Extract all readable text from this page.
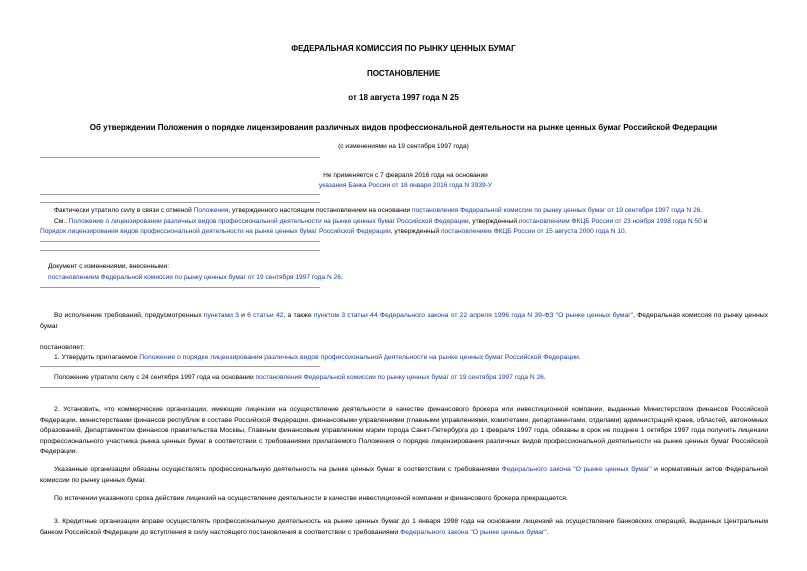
ФЕДЕРАЛЬНАЯ КОМИССИЯ ПО РЫНКУ ЦЕННЫХ БУМАГ
ПОСТАНОВЛЕНИЕ
от 18 августа 1997 года N 25
Об утверждении Положения о порядке лицензирования различных видов профессиональной деятельности на рынке ценных бумаг Российской Федерации
(с изменениями на 19 сентября 1997 года)
Не применяется с 7 февраля 2016 года на основании
указания Банка России от 18 января 2016 года N 3939-У
Фактически утратило силу в связи с отменой Положения, утвержденного настоящим постановлением на основании постановления Федеральной комиссии по рынку ценных бумаг от 19 сентября 1997 года N 26.
См.: Положение о лицензировании различных видов профессиональной деятельности на рынке ценных бумаг Российской Федерации, утвержденный постановлением ФКЦБ России от 23 ноября 1998 года N 50 и
Порядок лицензирования видов профессиональной деятельности на рынке ценных бумаг Российской Федерации, утвержденный постановлением ФКЦБ России от 15 августа 2000 года N 10.
Документ с изменениями, внесенными:
постановлением Федеральной комиссии по рынку ценных бумаг от 19 сентября 1997 года N 26.
Во исполнение требований, предусмотренных пунктами 3 и 6 статьи 42, а также пунктом 3 статьи 44 Федерального закона от 22 апреля 1996 года N 39-ФЗ "О рынке ценных бумаг", Федеральная комиссия по рынку ценных бумаг
постановляет:
1. Утвердить прилагаемое Положение о порядке лицензирования различных видов профессиональной деятельности на рынке ценных бумаг Российской Федерации.
Положение утратило силу с 24 сентября 1997 года на основании постановления Федеральной комиссии по рынку ценных бумаг от 19 сентября 1997 года N 26.
2. Установить, что коммерческие организации, имеющие лицензии на осуществление деятельности в качестве финансового брокера или инвестиционной компании, выданные Министерством финансов Российской Федерации, министерствами финансов республик в составе Российской Федерации, финансовыми управлениями (главными управлениями, комитетами, департаментами, отделами) администраций краев, областей, автономных образований, Департаментом финансов правительства Москвы, Главным финансовым управлением мэрии города Санкт-Петербурга до 1 февраля 1997 года, обязаны в срок не позднее 1 октября 1997 года получить лицензии профессионального участника рынка ценных бумаг в соответствии с требованиями прилагаемого Положения о порядке лицензирования различных видов профессиональной деятельности на рынке ценных бумаг Российской Федерации.
Указанные организации обязаны осуществлять профессиональную деятельность на рынке ценных бумаг в соответствии с требованиями Федерального закона "О рынке ценных бумаг" и нормативных актов Федеральной комиссии по рынку ценных бумаг.
По истечении указанного срока действие лицензий на осуществление деятельности в качестве инвестиционной компании и финансового брокера прекращается.
3. Кредитные организации вправе осуществлять профессиональную деятельность на рынке ценных бумаг до 1 января 1998 года на основании лицензий на осуществление банковских операций, выданных Центральным банком Российской Федерации до вступления в силу настоящего постановления в соответствии с требованиями Федерального закона "О рынке ценных бумаг".
